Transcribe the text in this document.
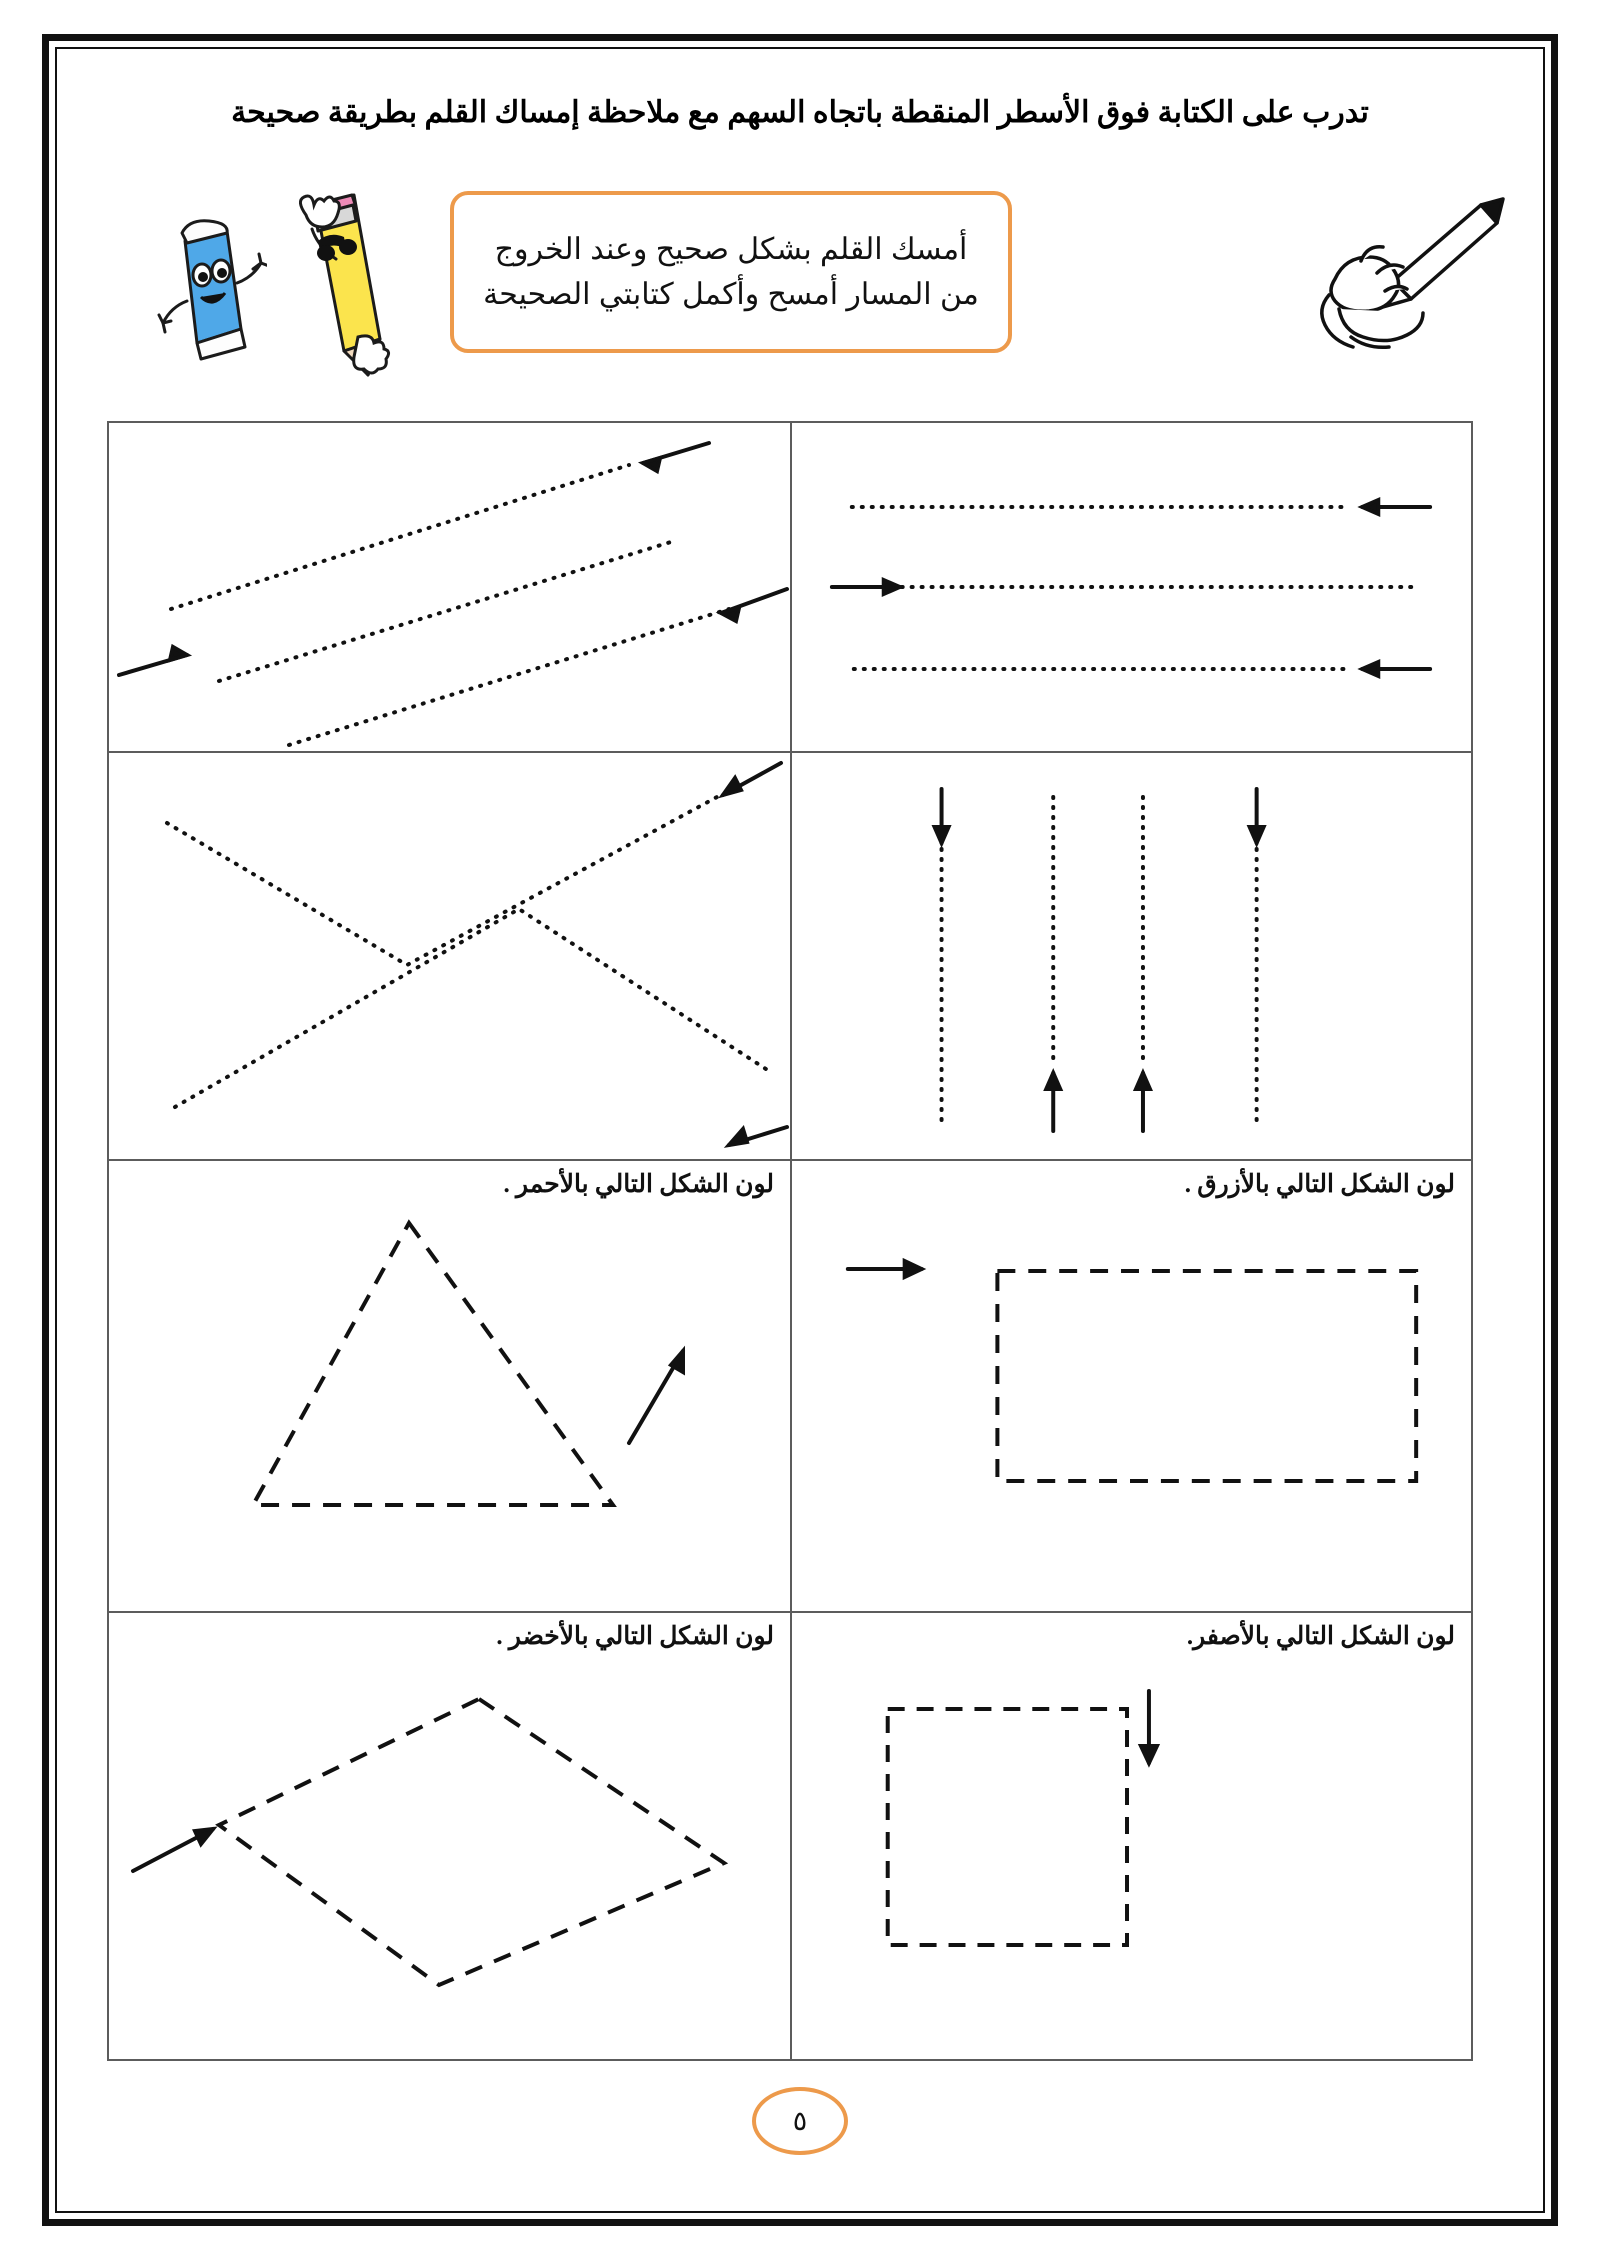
تدرب على الكتابة فوق الأسطر المنقطة باتجاه السهم مع ملاحظة إمساك القلم بطريقة صحيحة
أمسك القلم بشكل صحيح وعند الخروج من المسار أمسح وأكمل كتابتي الصحيحة
لون الشكل التالي بالأزرق .
لون الشكل التالي بالأحمر .
لون الشكل التالي بالأصفر.
لون الشكل التالي بالأخضر .
٥
